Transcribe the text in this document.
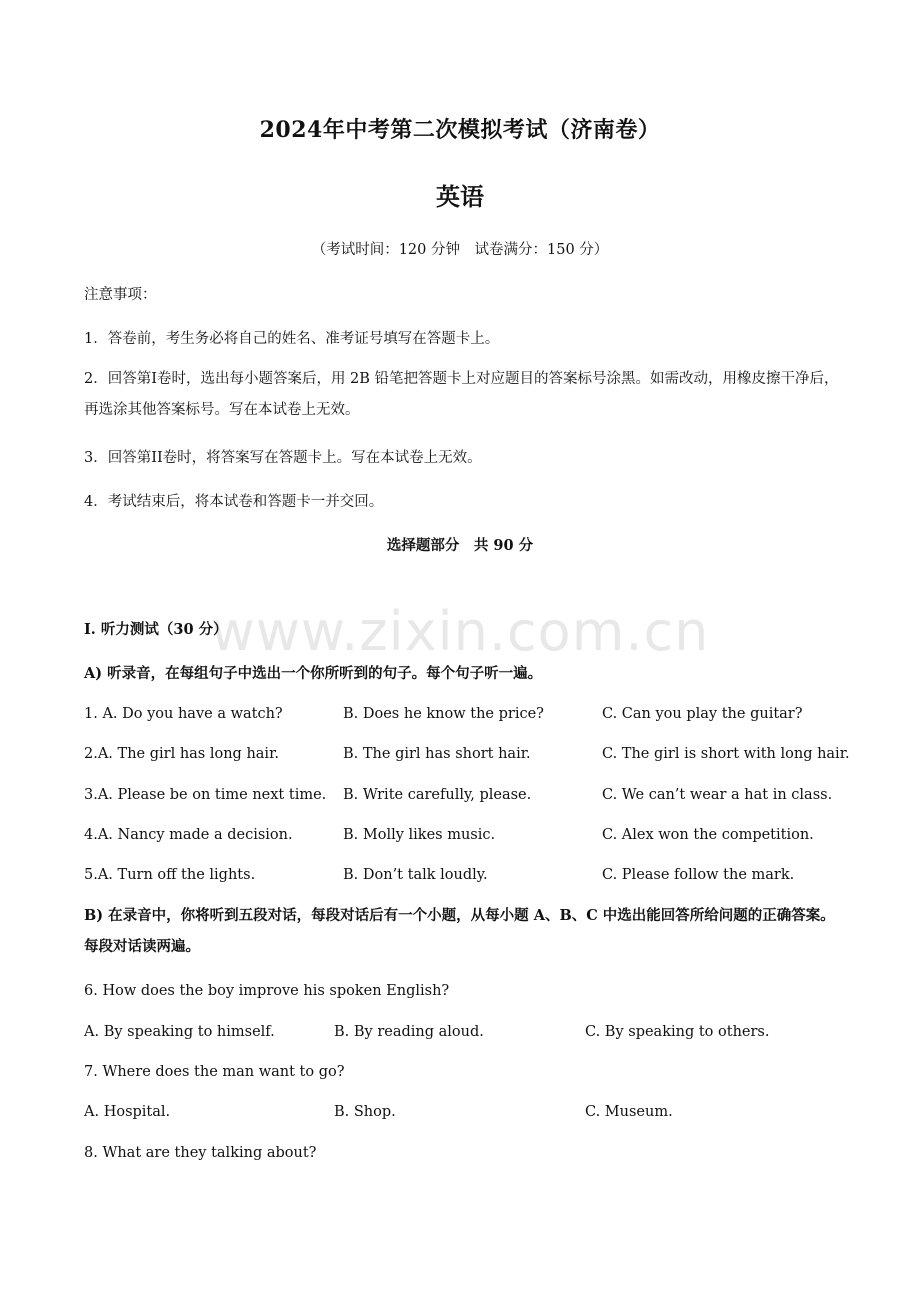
www.zixin.com.cn
2024年中考第二次模拟考试（济南卷）
英语
（考试时间：120 分钟　试卷满分：150 分）
注意事项：
1．答卷前，考生务必将自己的姓名、准考证号填写在答题卡上。
2．回答第I卷时，选出每小题答案后，用 2B 铅笔把答题卡上对应题目的答案标号涂黑。如需改动，用橡皮擦干净后，再选涂其他答案标号。写在本试卷上无效。
3．回答第II卷时，将答案写在答题卡上。写在本试卷上无效。
4．考试结束后，将本试卷和答题卡一并交回。
选择题部分　共 90 分
I. 听力测试（30 分）
A) 听录音，在每组句子中选出一个你所听到的句子。每个句子听一遍。
1. A. Do you have a watch?	B. Does he know the price?	C. Can you play the guitar?
2.A. The girl has long hair.	B. The girl has short hair.	C. The girl is short with long hair.
3.A. Please be on time next time. B. Write carefully, please.	C. We can’t wear a hat in class.
4.A. Nancy made a decision.	B. Molly likes music.	C. Alex won the competition.
5.A. Turn off the lights.	B. Don’t talk loudly.	C. Please follow the mark.
B) 在录音中，你将听到五段对话，每段对话后有一个小题，从每小题 A、B、C 中选出能回答所给问题的正确答案。每段对话读两遍。
6. How does the boy improve his spoken English?
A. By speaking to himself.	B. By reading aloud.	C. By speaking to others.
7. Where does the man want to go?
A. Hospital.	B. Shop.	C. Museum.
8. What are they talking about?
